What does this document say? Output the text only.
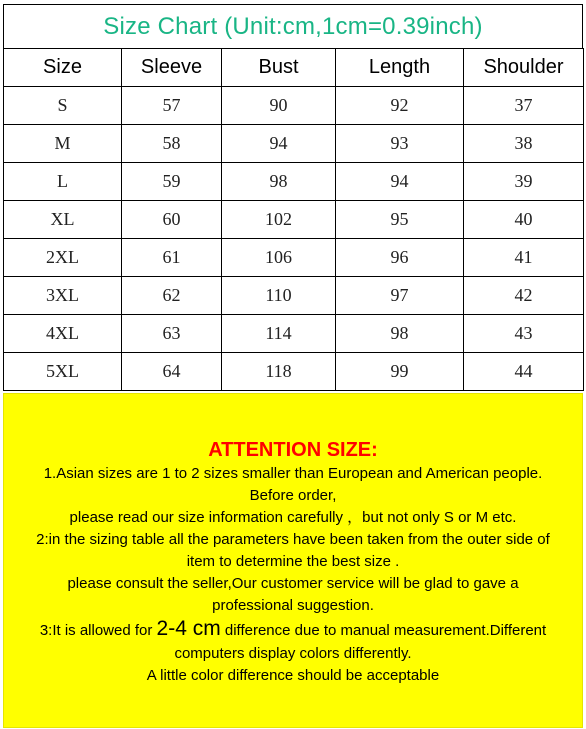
Size Chart (Unit:cm,1cm=0.39inch)
Size	Sleeve	Bust	Length	Shoulder
S	57	90	92	37
M	58	94	93	38
L	59	98	94	39
XL	60	102	95	40
2XL	61	106	96	41
3XL	62	110	97	42
4XL	63	114	98	43
5XL	64	118	99	44
ATTENTION SIZE:
1.Asian sizes are 1 to 2 sizes smaller than European and American people.
Before order,
please read our size information carefully ，but not only S or M etc.
2:in the sizing table all the parameters have been taken from the outer side of
item to determine the best size .
please consult the seller,Our customer service will be glad to gave a
professional suggestion.
3:It is allowed for 2-4 cm difference due to manual measurement.Different
computers display colors differently.
A little color difference should be acceptable
